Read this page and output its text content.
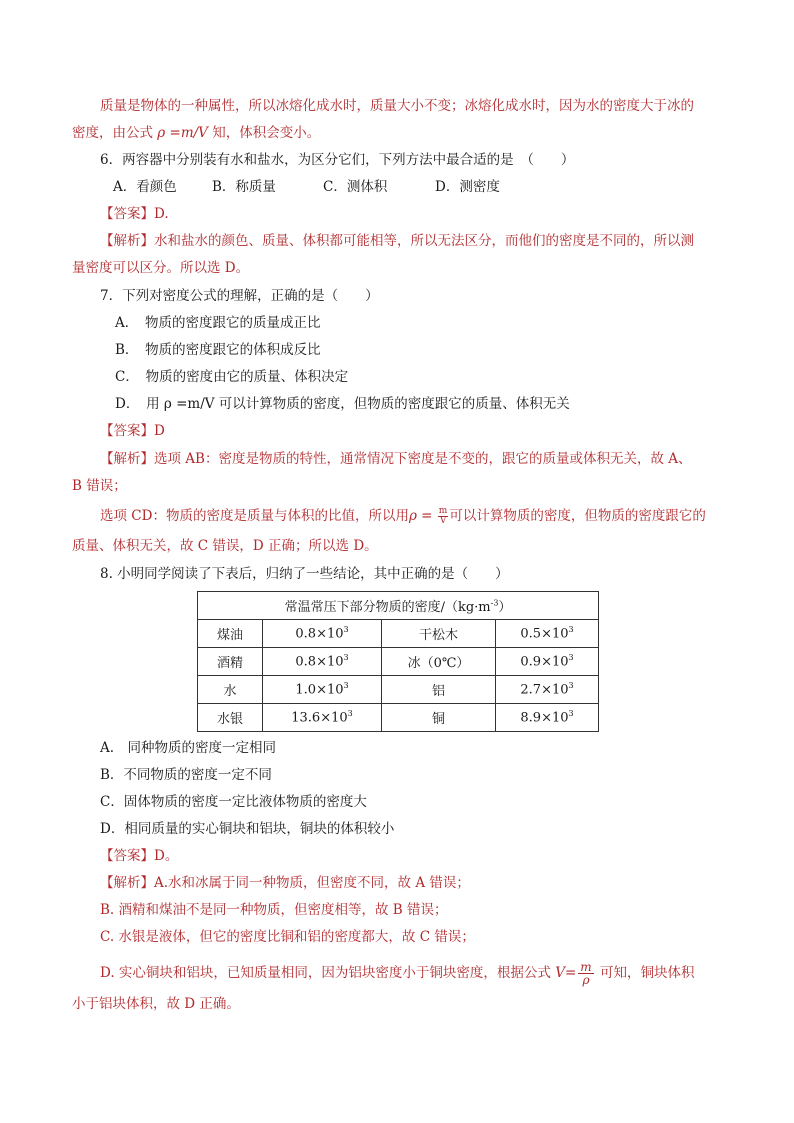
质量是物体的一种属性，所以冰熔化成水时，质量大小不变；冰熔化成水时，因为水的密度大于冰的
密度，由公式 ρ =m/V 知，体积会变小。
6．两容器中分别装有水和盐水，为区分它们，下列方法中最合适的是　（　　）
A．看颜色	B．称质量	C．测体积	D．测密度
【答案】D.
【解析】水和盐水的颜色、质量、体积都可能相等，所以无法区分，而他们的密度是不同的，所以测
量密度可以区分。所以选 D。
7．下列对密度公式的理解，正确的是（　　）
A．　物质的密度跟它的质量成正比
B．　物质的密度跟它的体积成反比
C．　物质的密度由它的质量、体积决定
D．　用 ρ =m/V 可以计算物质的密度，但物质的密度跟它的质量、体积无关
【答案】D
【解析】选项 AB：密度是物质的特性，通常情况下密度是不变的，跟它的质量或体积无关，故 A、
B 错误；
选项 CD：物质的密度是质量与体积的比值，所以用$\rho = \frac{m}{V}$ 可以计算物质的密度，但物质的密度跟它的
质量、体积无关，故 C 错误，D 正确；所以选 D。
8. 小明同学阅读了下表后，归纳了一些结论，其中正确的是（　　）
常温常压下部分物质的密度$/(kg\cdot m^{-3})$			
煤油	$0.8\times 10^3$	干松木	$0.5\times 10^3$
酒精	$0.8\times 10^3$	冰（0℃）	$0.9\times 10^3$
水	$1.0\times 10^3$	铝	$2.7\times 10^3$
水银	$13.6\times 10^3$	铜	$8.9\times 10^3$
A.　同种物质的密度一定相同
B．不同物质的密度一定不同
C．固体物质的密度一定比液体物质的密度大
D．相同质量的实心铜块和铝块，铜块的体积较小
【答案】D。
【解析】A.水和冰属于同一种物质，但密度不同，故 A 错误；
B. 酒精和煤油不是同一种物质，但密度相等，故 B 错误；
C. 水银是液体，但它的密度比铜和铝的密度都大，故 C 错误；
D. 实心铜块和铝块，已知质量相同，因为铝块密度小于铜块密度，根据公式 $V= \frac{m}{\rho}$ 可知，铜块体积
小于铝块体积，故 D 正确。
